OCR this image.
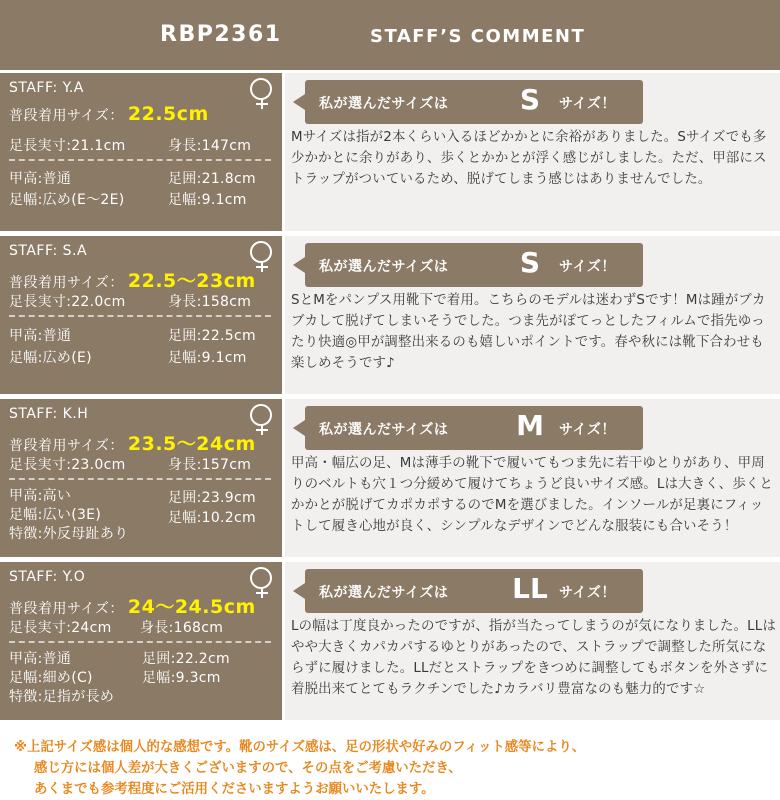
RBP2361	STAFF’S COMMENT
STAFF: Y.A
普段着用サイズ： 22.5cm
足長実寸:21.1cm	身長:147cm
甲高:普通	足囲:21.8cm
足幅:広め(E〜2E)	足幅:9.1cm
私が選んだサイズは	S	サイズ！
Mサイズは指が2本くらい入るほどかかとに余裕がありました。Sサイズでも多少かかとに余りがあり、歩くとかかとが浮く感じがしました。ただ、甲部にストラップがついているため、脱げてしまう感じはありませんでした。
STAFF: S.A
普段着用サイズ： 22.5〜23cm
足長実寸:22.0cm	身長:158cm
甲高:普通	足囲:22.5cm
足幅:広め(E)	足幅:9.1cm
私が選んだサイズは	S	サイズ！
SとMをパンプス用靴下で着用。こちらのモデルは迷わずSです！Mは踵がブカブカして脱げてしまいそうでした。つま先がぽてっとしたフィルムで指先ゆったり快適◎甲が調整出来るのも嬉しいポイントです。春や秋には靴下合わせも楽しめそうです♪
STAFF: K.H
普段着用サイズ： 23.5〜24cm
足長実寸:23.0cm	身長:157cm
甲高:高い	足囲:23.9cm
足幅:広い(3E)	足幅:10.2cm
特徴:外反母趾あり
私が選んだサイズは M	サイズ！
甲高・幅広の足、Mは薄手の靴下で履いてもつま先に若干ゆとりがあり、甲周りのベルトも穴１つ分緩めて履けてちょうど良いサイズ感。Lは大きく、歩くとかかとが脱げてカポカポするのでMを選びました。インソールが足裏にフィットして履き心地が良く、シンプルなデザインでどんな服装にも合いそう！
STAFF: Y.O
普段着用サイズ： 24〜24.5cm
足長実寸:24cm 身長:168cm
甲高:普通	足囲:22.2cm
足幅:細め(C)	足幅:9.3cm
特徴:足指が長め
私が選んだサイズは LL サイズ！
Lの幅は丁度良かったのですが、指が当たってしまうのが気になりました。LLはやや大きくカパカパするゆとりがあったので、ストラップで調整した所気にならずに履けました。LLだとストラップをきつめに調整してもボタンを外さずに着脱出来てとてもラクチンでした♪カラバリ豊富なのも魅力的です☆
※上記サイズ感は個人的な感想です。靴のサイズ感は、足の形状や好みのフィット感等により、
感じ方には個人差が大きくございますので、その点をご考慮いただき、
あくまでも参考程度にご活用くださいますようお願いいたします。
